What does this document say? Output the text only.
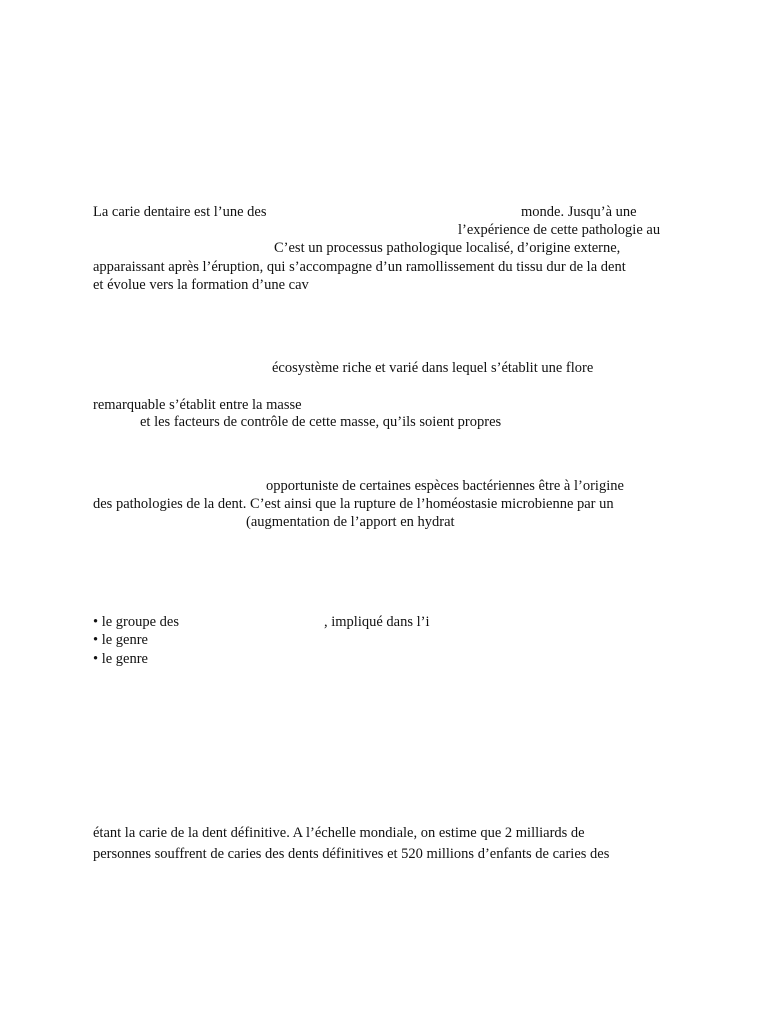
La carie dentaire est l’une des	monde. Jusqu’à une

l’expérience de cette pathologie au

C’est un processus pathologique localisé, d’origine externe,

apparaissant après l’éruption, qui s’accompagne d’un ramollissement du tissu dur de la dent

et évolue vers la formation d’une cav

écosystème riche et varié dans lequel s’établit une flore

remarquable s’établit entre la masse

et les facteurs de contrôle de cette masse, qu’ils soient propres

opportuniste de certaines espèces bactériennes être à l’origine

des pathologies de la dent. C’est ainsi que la rupture de l’homéostasie microbienne par un

(augmentation de l’apport en hydrat

• le groupe des	, impliqué dans l’i

• le genre

• le genre

étant la carie de la dent définitive. A l’échelle mondiale, on estime que 2 milliards de

personnes souffrent de caries des dents définitives et 520 millions d’enfants de caries des
